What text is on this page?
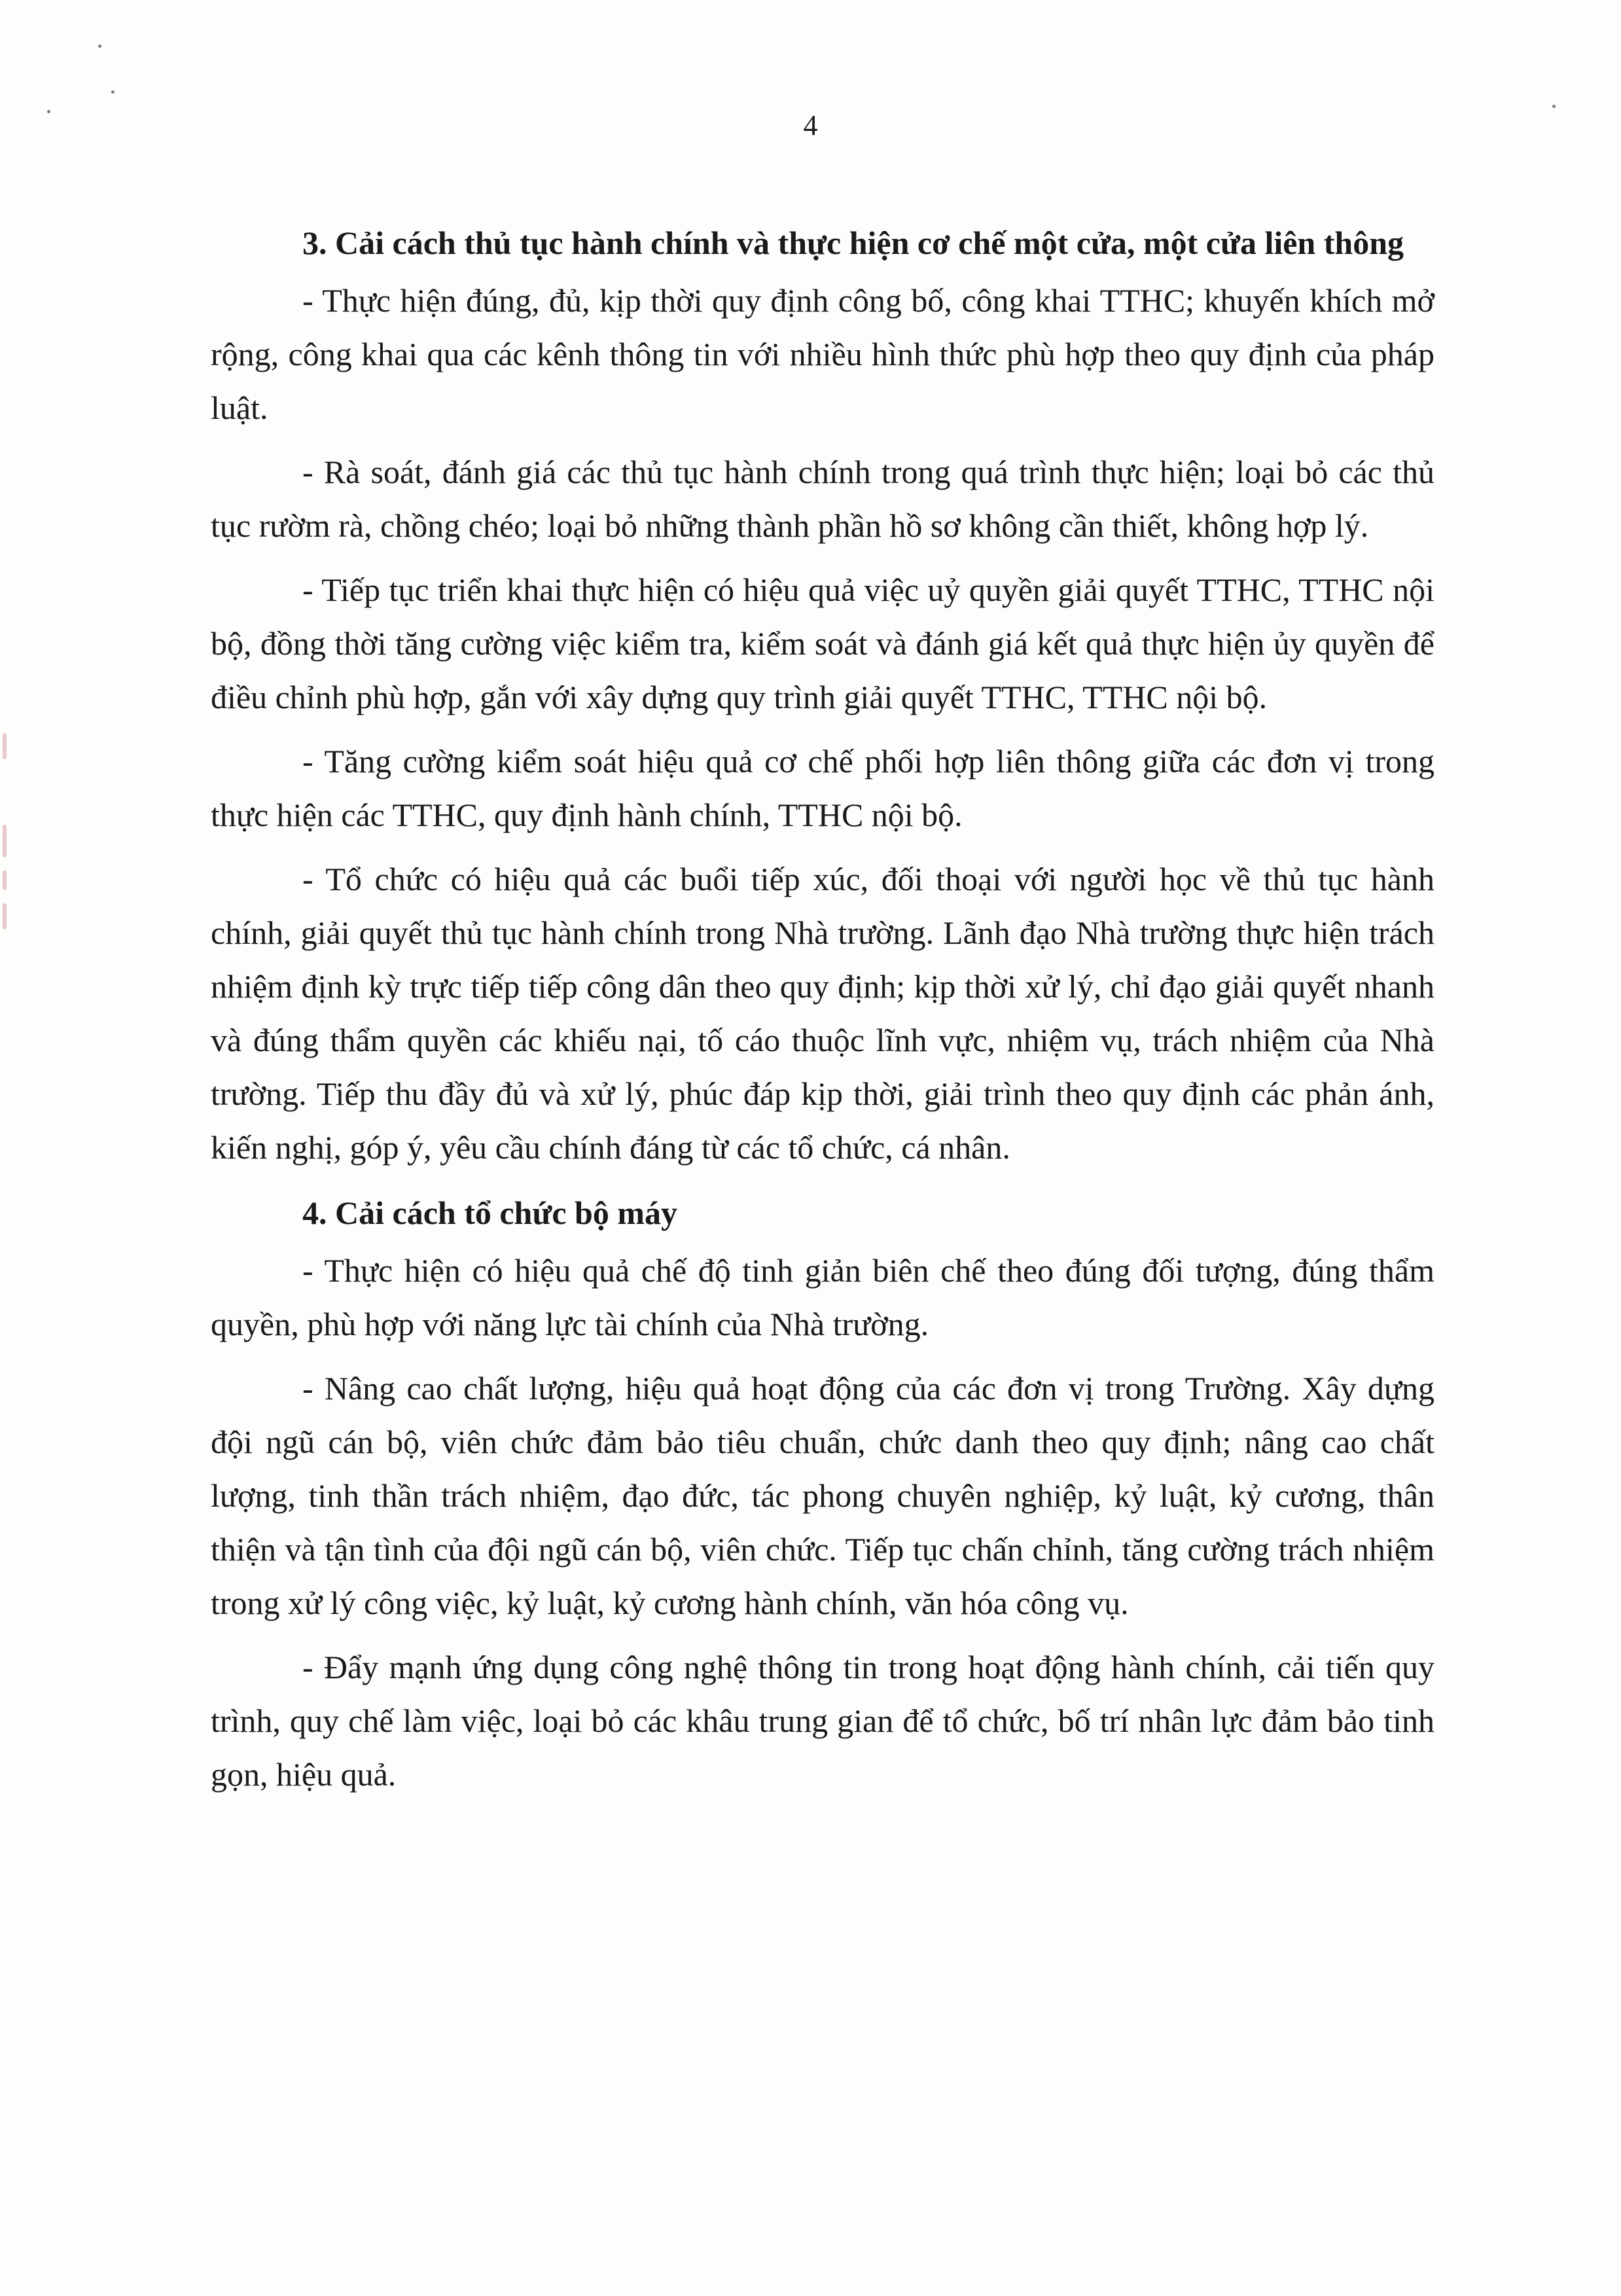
4
3. Cải cách thủ tục hành chính và thực hiện cơ chế một cửa, một cửa liên thông

- Thực hiện đúng, đủ, kịp thời quy định công bố, công khai TTHC; khuyến khích mở rộng, công khai qua các kênh thông tin với nhiều hình thức phù hợp theo quy định của pháp luật.

- Rà soát, đánh giá các thủ tục hành chính trong quá trình thực hiện; loại bỏ các thủ tục rườm rà, chồng chéo; loại bỏ những thành phần hồ sơ không cần thiết, không hợp lý.

- Tiếp tục triển khai thực hiện có hiệu quả việc uỷ quyền giải quyết TTHC, TTHC nội bộ, đồng thời tăng cường việc kiểm tra, kiểm soát và đánh giá kết quả thực hiện ủy quyền để điều chỉnh phù hợp, gắn với xây dựng quy trình giải quyết TTHC, TTHC nội bộ.

- Tăng cường kiểm soát hiệu quả cơ chế phối hợp liên thông giữa các đơn vị trong thực hiện các TTHC, quy định hành chính, TTHC nội bộ.

- Tổ chức có hiệu quả các buổi tiếp xúc, đối thoại với người học về thủ tục hành chính, giải quyết thủ tục hành chính trong Nhà trường. Lãnh đạo Nhà trường thực hiện trách nhiệm định kỳ trực tiếp tiếp công dân theo quy định; kịp thời xử lý, chỉ đạo giải quyết nhanh và đúng thẩm quyền các khiếu nại, tố cáo thuộc lĩnh vực, nhiệm vụ, trách nhiệm của Nhà trường. Tiếp thu đầy đủ và xử lý, phúc đáp kịp thời, giải trình theo quy định các phản ánh, kiến nghị, góp ý, yêu cầu chính đáng từ các tổ chức, cá nhân.

4. Cải cách tổ chức bộ máy

- Thực hiện có hiệu quả chế độ tinh giản biên chế theo đúng đối tượng, đúng thẩm quyền, phù hợp với năng lực tài chính của Nhà trường.

- Nâng cao chất lượng, hiệu quả hoạt động của các đơn vị trong Trường. Xây dựng đội ngũ cán bộ, viên chức đảm bảo tiêu chuẩn, chức danh theo quy định; nâng cao chất lượng, tinh thần trách nhiệm, đạo đức, tác phong chuyên nghiệp, kỷ luật, kỷ cương, thân thiện và tận tình của đội ngũ cán bộ, viên chức. Tiếp tục chấn chỉnh, tăng cường trách nhiệm trong xử lý công việc, kỷ luật, kỷ cương hành chính, văn hóa công vụ.

- Đẩy mạnh ứng dụng công nghệ thông tin trong hoạt động hành chính, cải tiến quy trình, quy chế làm việc, loại bỏ các khâu trung gian để tổ chức, bố trí nhân lực đảm bảo tinh gọn, hiệu quả.
